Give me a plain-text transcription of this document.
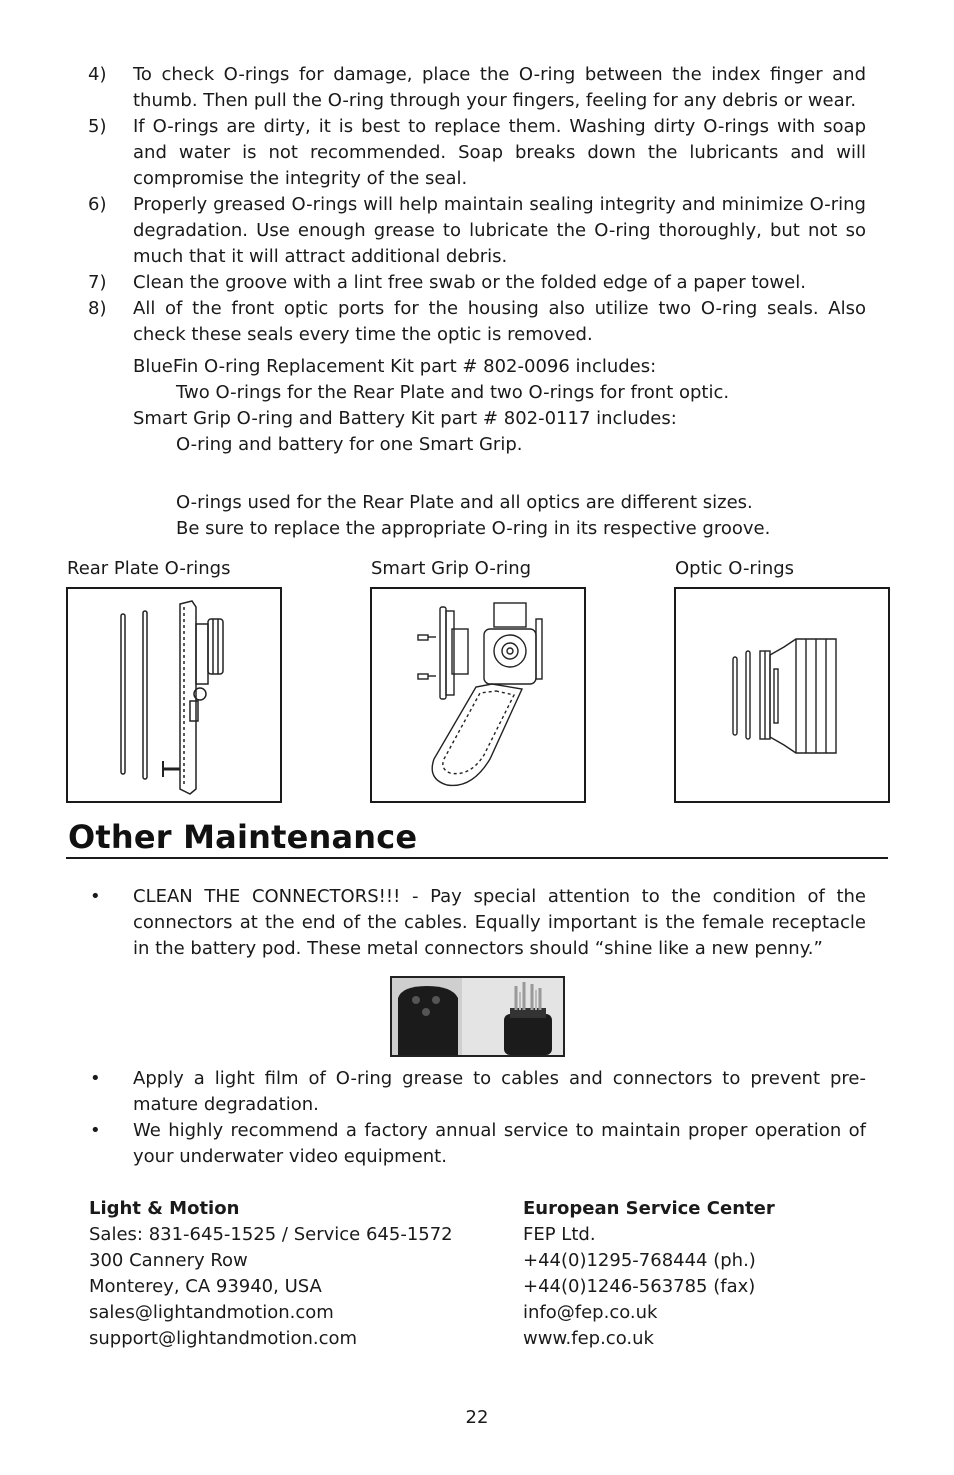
4) To check O-rings for damage, place the O-ring between the index finger and thumb. Then pull the O-ring through your fingers, feeling for any debris or wear.
5) If O-rings are dirty, it is best to replace them. Washing dirty O-rings with soap and water is not recommended. Soap breaks down the lubricants and will compromise the integrity of the seal.
6) Properly greased O-rings will help maintain sealing integrity and minimize O-ring degradation. Use enough grease to lubricate the O-ring thoroughly, but not so much that it will attract additional debris.
7) Clean the groove with a lint free swab or the folded edge of a paper towel.
8) All of the front optic ports for the housing also utilize two O-ring seals. Also check these seals every time the optic is removed.
BlueFin O-ring Replacement Kit part # 802-0096 includes:
Two O-rings for the Rear Plate and two O-rings for front optic.
Smart Grip O-ring and Battery Kit part # 802-0117 includes:
O-ring and battery for one Smart Grip.
O-rings used for the Rear Plate and all optics are different sizes.
Be sure to replace the appropriate O-ring in its respective groove.
Rear Plate O-rings	Smart Grip O-ring	Optic O-rings
Other Maintenance
• CLEAN THE CONNECTORS!!! - Pay special attention to the condition of the connectors at the end of the cables. Equally important is the female receptacle in the battery pod. These metal connectors should “shine like a new penny.”
• Apply a light film of O-ring grease to cables and connectors to prevent pre-mature degradation.
• We highly recommend a factory annual service to maintain proper operation of your underwater video equipment.
Light & Motion
Sales: 831-645-1525 / Service 645-1572
300 Cannery Row
Monterey, CA 93940, USA
sales@lightandmotion.com
support@lightandmotion.com
European Service Center
FEP Ltd.
+44(0)1295-768444 (ph.)
+44(0)1246-563785 (fax)
info@fep.co.uk
www.fep.co.uk
22
